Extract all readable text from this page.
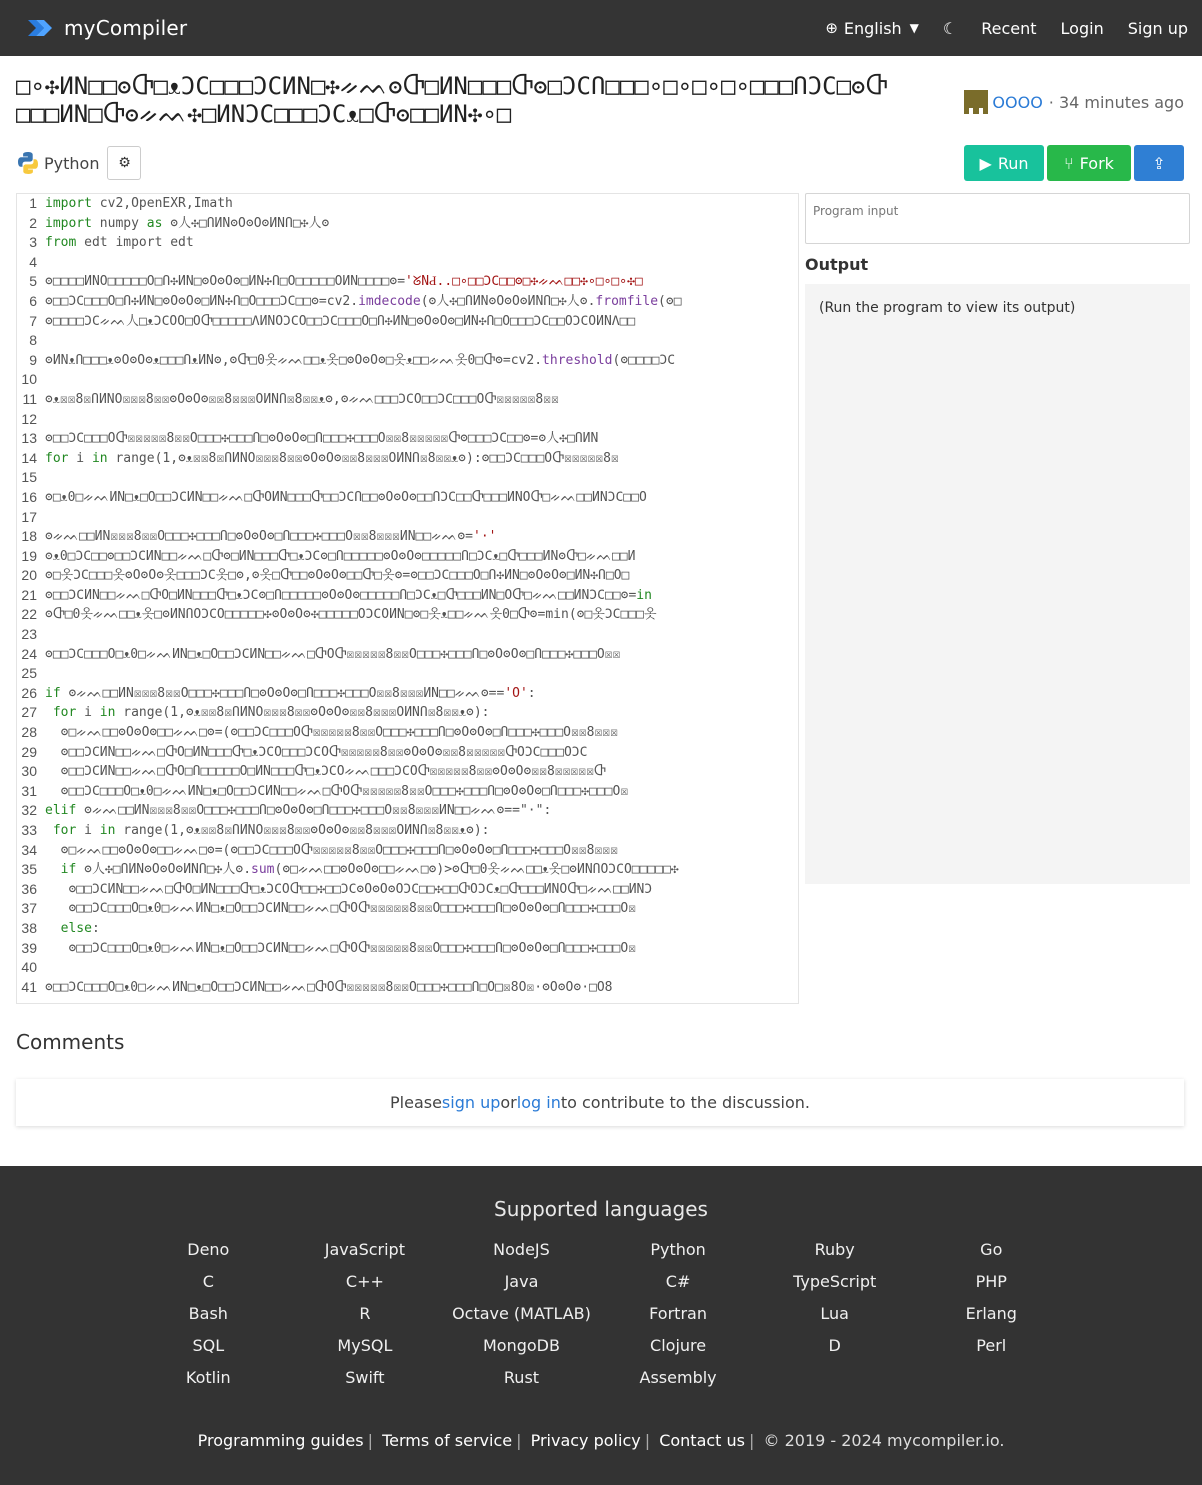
myCompiler	⊕ English ▼ ☾ Recent Login Sign up
□∘✣ИN□□ʘႧ□ᴥϽϹ□□□ϽϹИN□✣ᨀᨓʘႧ□ИN□□□Ⴇʘ□ϽϹՈ□□□∘□∘□∘□∘□□□ՈϽϹ□ʘႧ□□□ИN□Ⴇʘᨀᨓ✣□ИNϽϹ□□□ϽϹᴥ□Ⴇʘ□□ИN✣∘□	OOOO · 34 minutes ago
Python ⚙	▶ Run ⑂ Fork ⇪
1 import cv2,OpenEXR,Imath
2 import numpy as ʘ人✣□ՈИNʘOʘOʘИNՈ□✣人ʘ
3 from edt import edt
4
5 ʘ□□□□ИNO□□□□□O□Ո✣ИN□ʘOʘOʘ□ИN✣Ո□O□□□□□OИN□□□□ʘ='ᘜNԀ..□∘□□ϽϹ□□ʘ□✣ᨀᨓ□□✣∘□∘□∘✣□
6 ʘ□□ϽϹ□□□O□Ո✣ИN□ʘOʘOʘ□ИN✣Ո□O□□□ϽϹ□□ʘ=cv2.imdecode(ʘ人✣□ՈИNʘOʘOʘИNՈ□✣人ʘ.fromfile(ʘ□
7 ʘ□□□□ϽϹᨀᨓ人□ᴥϽϹOO□OႧ□□□□□ΛИNOϽϹO□□ϽϹ□□□O□Ո✣ИN□ʘOʘOʘ□ИN✣Ո□O□□□ϽϹ□□OϽϹOИNΛ□□
8
9 ʘИNᴥՈ□□□ᴥʘOʘOʘᴥ□□□ՈᴥИNʘ,ʘႧ□0옷ᨀᨓ□□ᴥ옷□ʘOʘOʘ□옷ᴥ□□ᨀᨓ옷0□Ⴇʘ=cv2.threshold(ʘ□□□□ϽϹ
10
11 ʘᴥ☒☒8☒ՈИNO☒☒☒8☒☒ʘOʘOʘ☒☒8☒☒☒OИNՈ☒8☒☒ᴥʘ,ʘᨀᨓ□□□ϽϹO□□ϽϹ□□□OႧ☒☒☒☒☒8☒☒
12
13 ʘ□□ϽϹ□□□OႧ☒☒☒☒☒8☒☒O□□□✣□□□Ո□ʘOʘOʘ□Ո□□□✣□□□O☒☒8☒☒☒☒☒Ⴇʘ□□□ϽϹ□□ʘ=ʘ人✣□ՈИN
14 for i in range(1,ʘᴥ☒☒8☒ՈИNO☒☒☒8☒☒ʘOʘOʘ☒☒8☒☒☒OИNՈ☒8☒☒ᴥʘ):ʘ□□ϽϹ□□□OႧ☒☒☒☒☒8☒
15
16 ʘ□ᴥ0□ᨀᨓИN□ᴥ□O□□ϽϹИN□□ᨀᨓ□ႧOИN□□□Ⴇ□□ϽϹՈ□□ʘOʘOʘ□□ՈϽϹ□□Ⴇ□□□ИNOႧ□ᨀᨓ□□ИNϽϹ□□O
17
18 ʘᨀᨓ□□ИN☒☒☒8☒☒O□□□✣□□□Ո□ʘOʘOʘ□Ո□□□✣□□□O☒☒8☒☒☒ИN□□ᨀᨓʘ='·'
19 ʘᴥ0□ϽϹ□□ʘ□□ϽϹИN□□ᨀᨓ□Ⴇʘ□ИN□□□Ⴇ□ᴥϽϹʘ□Ո□□□□□ʘOʘOʘ□□□□□Ո□ϽϹᴥ□Ⴇ□□□ИNʘႧ□ᨀᨓ□□И
20 ʘ□옷ϽϹ□□□옷ʘOʘOʘ옷□□□ϽϹ옷□ʘ,ʘ옷□Ⴇ□□ʘOʘOʘ□□Ⴇ□옷ʘ=ʘ□□ϽϹ□□□O□Ո✣ИN□ʘOʘOʘ□ИN✣Ո□O□
21 ʘ□□ϽϹИN□□ᨀᨓ□ႧO□ИN□□□Ⴇ□ᴥϽϹʘ□Ո□□□□□ʘOʘOʘ□□□□□Ո□ϽϹᴥ□Ⴇ□□□ИN□OႧ□ᨀᨓ□□ИNϽϹ□□ʘ=in
22 ʘႧ□0옷ᨀᨓ□□ᴥ옷□ʘИNՈOϽϹO□□□□□✣ʘOʘOʘ✣□□□□□OϽϹOИN□ʘ□옷ᴥ□□ᨀᨓ옷0□Ⴇʘ=min(ʘ□옷ϽϹ□□□옷
23
24 ʘ□□ϽϹ□□□O□ᴥ0□ᨀᨓИN□ᴥ□O□□ϽϹИN□□ᨀᨓ□ႧOႧ☒☒☒☒☒8☒☒O□□□✣□□□Ո□ʘOʘOʘ□Ո□□□✣□□□O☒☒
25
26 if ʘᨀᨓ□□ИN☒☒☒8☒☒O□□□✣□□□Ո□ʘOʘOʘ□Ո□□□✣□□□O☒☒8☒☒☒ИN□□ᨀᨓʘ=='O':
27	for i in range(1,ʘᴥ☒☒8☒ՈИNO☒☒☒8☒☒ʘOʘOʘ☒☒8☒☒☒OИNՈ☒8☒☒ᴥʘ):
28 ʘ□ᨀᨓ□□ʘOʘOʘ□□ᨀᨓ□ʘ=(ʘ□□ϽϹ□□□OႧ☒☒☒☒☒8☒☒O□□□✣□□□Ո□ʘOʘOʘ□Ո□□□✣□□□O☒☒8☒☒☒
29 ʘ□□ϽϹИN□□ᨀᨓ□ႧO□ИN□□□Ⴇ□ᴥϽϹO□□□ϽϹOႧ☒☒☒☒☒8☒☒ʘOʘOʘ☒☒8☒☒☒☒☒ႧOϽϹ□□□OϽϹ
30 ʘ□□ϽϹИN□□ᨀᨓ□ႧO□Ո□□□□□O□ИN□□□Ⴇ□ᴥϽϹOᨀᨓ□□□ϽϹOႧ☒☒☒☒☒8☒☒ʘOʘOʘ☒☒8☒☒☒☒☒Ⴇ
31 ʘ□□ϽϹ□□□O□ᴥ0□ᨀᨓИN□ᴥ□O□□ϽϹИN□□ᨀᨓ□ႧOႧ☒☒☒☒☒8☒☒O□□□✣□□□Ո□ʘOʘOʘ□Ո□□□✣□□□O☒
32 elif ʘᨀᨓ□□ИN☒☒☒8☒☒O□□□✣□□□Ո□ʘOʘOʘ□Ո□□□✣□□□O☒☒8☒☒☒ИN□□ᨀᨓʘ=="·":
33	for i in range(1,ʘᴥ☒☒8☒ՈИNO☒☒☒8☒☒ʘOʘOʘ☒☒8☒☒☒OИNՈ☒8☒☒ᴥʘ):
34 ʘ□ᨀᨓ□□ʘOʘOʘ□□ᨀᨓ□ʘ=(ʘ□□ϽϹ□□□OႧ☒☒☒☒☒8☒☒O□□□✣□□□Ո□ʘOʘOʘ□Ո□□□✣□□□O☒☒8☒☒☒
35	if ʘ人✣□ՈИNʘOʘOʘИNՈ□✣人ʘ.sum(ʘ□ᨀᨓ□□ʘOʘOʘ□□ᨀᨓ□ʘ)>ʘႧ□0옷ᨀᨓ□□ᴥ옷□ʘИNՈOϽϹO□□□□□✣
36 ʘ□□ϽϹИN□□ᨀᨓ□ႧO□ИN□□□Ⴇ□ᴥϽϹOႧ□□✣□□ϽϹʘOʘOʘOϽϹ□□✣□□ႧOϽϹᴥ□Ⴇ□□□ИNOႧ□ᨀᨓ□□ИNϽ
37 ʘ□□ϽϹ□□□O□ᴥ0□ᨀᨓИN□ᴥ□O□□ϽϹИN□□ᨀᨓ□ႧOႧ☒☒☒☒☒8☒☒O□□□✣□□□Ո□ʘOʘOʘ□Ո□□□✣□□□O☒
38	else:
39 ʘ□□ϽϹ□□□O□ᴥ0□ᨀᨓИN□ᴥ□O□□ϽϹИN□□ᨀᨓ□ႧOႧ☒☒☒☒☒8☒☒O□□□✣□□□Ո□ʘOʘOʘ□Ո□□□✣□□□O☒
40
41 ʘ□□ϽϹ□□□O□ᴥ0□ᨀᨓИN□ᴥ□O□□ϽϹИN□□ᨀᨓ□ႧOႧ☒☒☒☒☒8☒☒O□□□✣□□□Ո□O□☒8O☒·ʘOʘOʘ·□O8
Program input
Output
(Run the program to view its output)
Comments
Please sign up or log in to contribute to the discussion.
Supported languages
Deno	JavaScript	NodeJS	Python	Ruby	Go
C	C++	Java	C#	TypeScript	PHP
Bash	R	Octave (MATLAB)	Fortran	Lua	Erlang
SQL	MySQL	MongoDB	Clojure	D	Perl
Kotlin	Swift	Rust	Assembly
Programming guides | Terms of service | Privacy policy | Contact us | © 2019 - 2024 mycompiler.io.
